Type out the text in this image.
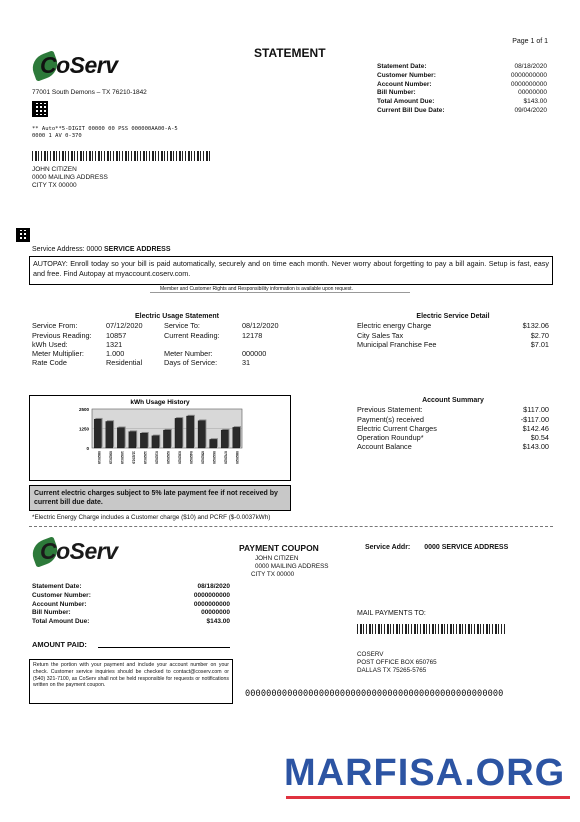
Page 1 of 1
STATEMENT
CoServ
77001 South Demons – TX 76210-1842
Statement Date:	08/18/2020
Customer Number:	0000000000
Account Number:	0000000000
Bill Number:	00000000
Total Amount Due:	$143.00
Current Bill Due Date:	09/04/2020
** Auto**5-DIGIT 00000 00 PSS 000000AA00-A-5
0000 1 AV 0-370
JOHN CITIZEN
0000 MAILING ADDRESS
CITY TX 00000
Service Address: 0000 SERVICE ADDRESS
AUTOPAY: Enroll today so your bill is paid automatically, securely and on time each month. Never worry about forgetting to pay a bill again. Setup is fast, easy and free. Find Autopay at myaccount.coserv.com.
Member and Customer Rights and Responsibility information is available upon request.
Electric Usage Statement
Service From:	07/12/2020	Service To:	08/12/2020
Previous Reading:	10857	Current Reading:	12178
kWh Used:	1321		
Meter Multiplier:	1.000	Meter Number:	000000
Rate Code	Residential	Days of Service:	31
Electric Service Detail
Electric energy Charge	$132.06
City Sales Tax	$2.70
Municipal Franchise Fee	$7.01
kWh Usage History
2500
1250
0
08/2019 09/2019 10/2019 11/2019 12/2019 01/2020 02/2020 03/2020 04/2020 05/2020 06/2020 07/2020 08/2020
Account Summary
Previous Statement:	$117.00
Payment(s) received	-$117.00
Electric Current Charges	$142.46
Operation Roundup*	$0.54
Account Balance	$143.00
Current electric charges subject to 5% late payment fee if not received by current bill due date.
*Electric Energy Charge includes a Customer charge ($10) and PCRF ($-0.0037kWh)
CoServ	PAYMENT COUPON
JOHN CITIZEN
0000 MAILING ADDRESS
CITY TX 00000
Service Addr: 0000 SERVICE ADDRESS
Statement Date:	08/18/2020
Customer Number:	0000000000
Account Number:	0000000000
Bill Number:	00000000
Total Amount Due:	$143.00
AMOUNT PAID:
Return the portion with your payment and include your account number on your check. Customer service inquiries should be checked to contact@coserv.com or (540) 321-7100, as CoServ shall not be held responsible for requests or notifications written on the payment coupon.
MAIL PAYMENTS TO:
COSERV
POST OFFICE BOX 650765
DALLAS TX 75265-5765
0000000000000000000000000000000000000000000000000
MARFISA.ORG
